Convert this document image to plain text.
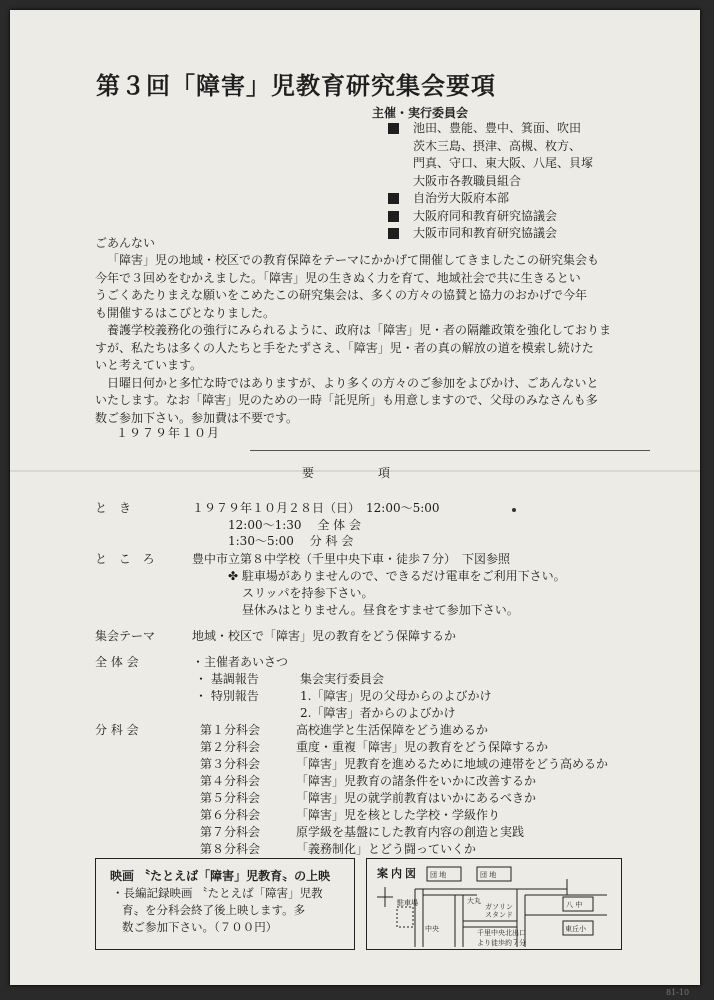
第３回「障害」児教育研究集会要項
主催・実行委員会
池田、豊能、豊中、箕面、吹田
茨木三島、摂津、高槻、枚方、
門真、守口、東大阪、八尾、貝塚
大阪市各教職員組合
自治労大阪府本部
大阪府同和教育研究協議会
大阪市同和教育研究協議会
ごあんない
「障害」児の地域・校区での教育保障をテーマにかかげて開催してきましたこの研究集会も
今年で３回めをむかえました。「障害」児の生きぬく力を育て、地域社会で共に生きるとい
うごくあたりまえな願いをこめたこの研究集会は、多くの方々の協賛と協力のおかげで今年
も開催するはこびとなりました。
養護学校義務化の強行にみられるように、政府は「障害」児・者の隔離政策を強化しておりま
すが、私たちは多くの人たちと手をたずさえ、「障害」児・者の真の解放の道を模索し続けた
いと考えています。
日曜日何かと多忙な時ではありますが、より多くの方々のご参加をよびかけ、ごあんないと
いたします。なお「障害」児のための一時「託児所」も用意しますので、父母のみなさんも多
数ご参加下さい。参加費は不要です。
１９７９年１０月
要　項
と　き	１９７９年１０月２８日（日）　12:00～5:00
12:00～1:30　 全 体 会
1:30～5:00　 分 科 会
と こ ろ	豊中市立第８中学校（千里中央下車・徒歩７分）　下図参照
✤ 駐車場がありませんので、できるだけ電車をご利用下さい。
スリッパを持参下さい。
昼休みはとりません。昼食をすませて参加下さい。
集会テーマ	地域・校区で「障害」児の教育をどう保障するか
全 体 会	・主催者あいさつ
・ 基調報告	集会実行委員会
・ 特別報告	1.「障害」児の父母からのよびかけ
2.「障害」者からのよびかけ
分 科 会	第１分科会	高校進学と生活保障をどう進めるか
第２分科会	重度・重複「障害」児の教育をどう保障するか
第３分科会	「障害」児教育を進めるために地域の連帯をどう高めるか
第４分科会	「障害」児教育の諸条件をいかに改善するか
第５分科会	「障害」児の就学前教育はいかにあるべきか
第６分科会	「障害」児を核とした学校・学級作り
第７分科会	原学級を基盤にした教育内容の創造と実践
第８分科会	「義務制化」とどう闘っていくか
映画 〝たとえば「障害」児教育〟の上映
・長編記録映画 〝たとえば「障害」児教
育〟を分科会終了後上映します。多
数ご参加下さい。（７００円）
案内図 団 地	団 地
八 中
東丘小
駐車場	大丸
ガソリン
スタンド
中央	千里中央北出口
より徒歩約７分
81-10
